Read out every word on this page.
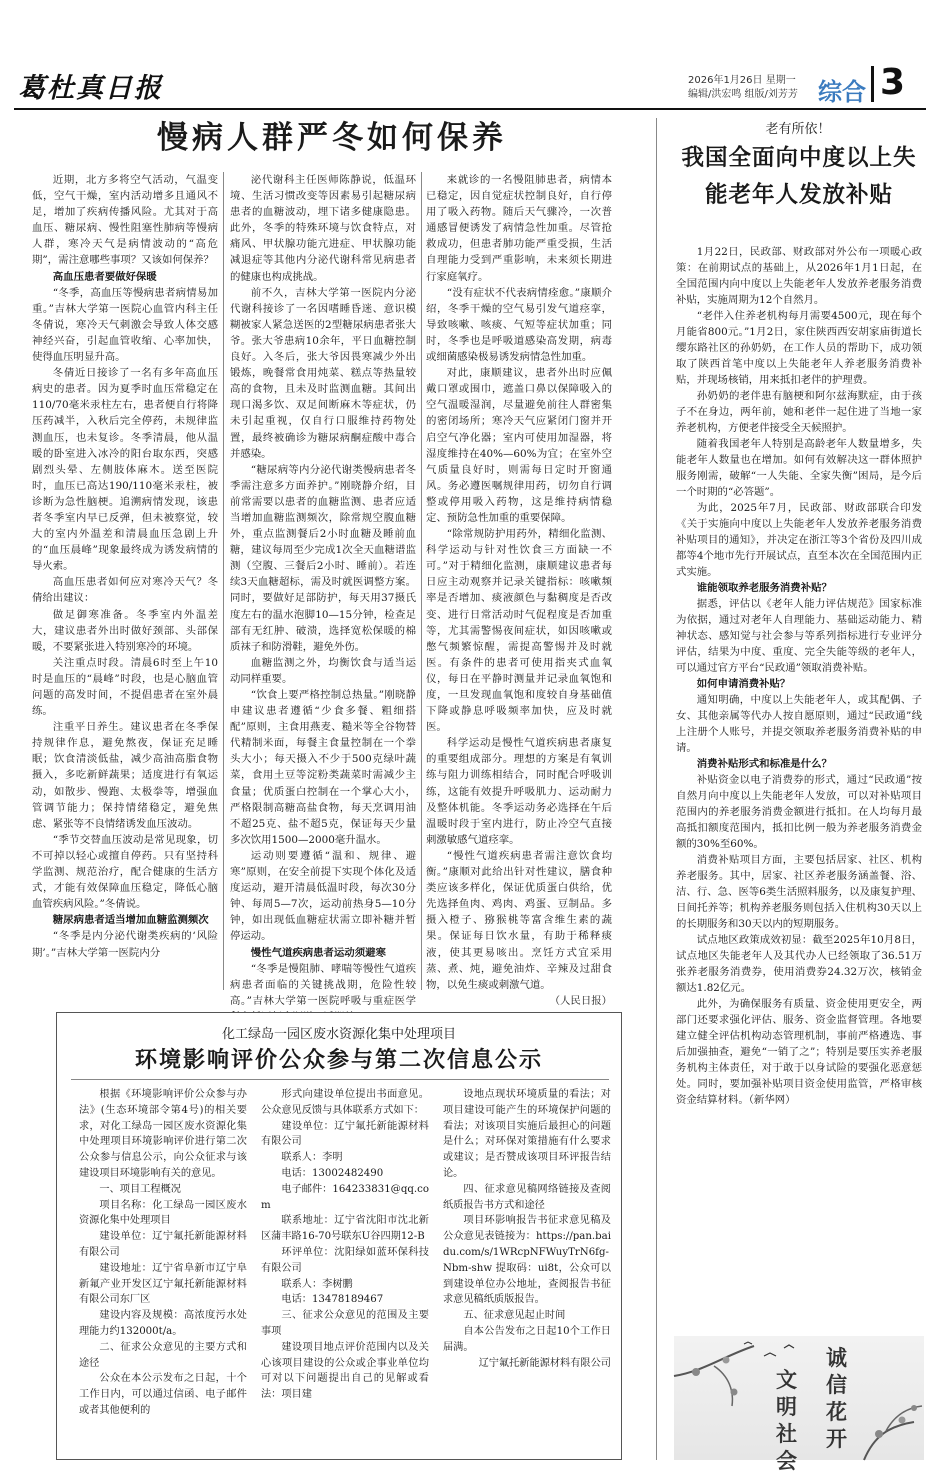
葛杜真日报	2026年1月26日 星期一
编辑/洪宏鸣 组版/刘芳芳 综合 3
慢病人群严冬如何保养

近期，北方多将空气活动，气温变低，空气干燥，室内活动增多且通风不足，增加了疾病传播风险。尤其对于高血压、糖尿病、慢性阻塞性肺病等慢病人群，寒冷天气是病情波动的“高危期”，需注意哪些事项？又该如何保养？

高血压患者要做好保暖

“冬季，高血压等慢病患者病情易加重。”吉林大学第一医院心血管内科主任冬倩说，寒冷天气刺激会导致人体交感神经兴奋，引起血管收缩、心率加快，使得血压明显升高。

冬倩近日接诊了一名有多年高血压病史的患者。因为夏季时血压常稳定在110/70毫米汞柱左右，患者便自行将降压药减半，入秋后完全停药，未规律监测血压，也未复诊。冬季清晨，他从温暖的卧室进入冰冷的阳台取东西，突感剧烈头晕、左侧肢体麻木。送至医院时，血压已高达190/110毫米汞柱，被诊断为急性脑梗。追溯病情发现，该患者冬季室内早已反弹，但未被察觉，较大的室内外温差和清晨血压急剧上升的“血压晨峰”现象最终成为诱发病情的导火索。

高血压患者如何应对寒冷天气？冬倩给出建议：

做足御寒准备。冬季室内外温差大，建议患者外出时做好颈部、头部保暖，不要紧张进入特别寒冷的环境。

关注重点时段。清晨6时至上午10时是血压的“晨峰”时段，也是心脑血管问题的高发时间，不提倡患者在室外晨练。

注重平日养生。建议患者在冬季保持规律作息，避免熬夜，保证充足睡眠；饮食清淡低盐，减少高油高脂食物摄入，多吃新鲜蔬果；适度进行有氧运动，如散步、慢跑、太极拳等，增强血管调节能力；保持情绪稳定，避免焦虑、紧张等不良情绪诱发血压波动。

“季节交替血压波动是常见现象，切不可掉以轻心或擅自停药。只有坚持科学监测、规范治疗，配合健康的生活方式，才能有效保障血压稳定，降低心脑血管疾病风险。”冬倩说。

糖尿病患者适当增加血糖监测频次

“冬季是内分泌代谢类疾病的‘风险期’。”吉林大学第一医院内分

泌代谢科主任医师陈静说，低温环境、生活习惯改变等因素易引起糖尿病患者的血糖波动，埋下诸多健康隐患。此外，冬季的特殊环境与饮食特点，对痛风、甲状腺功能亢进症、甲状腺功能减退症等其他内分泌代谢科常见病患者的健康也构成挑战。

前不久，吉林大学第一医院内分泌代谢科接诊了一名因嗜睡昏迷、意识模糊被家人紧急送医的2型糖尿病患者张大爷。张大爷患病10余年，平日血糖控制良好。入冬后，张大爷因畏寒减少外出锻炼，晚餐常食用炖菜、糕点等热量较高的食物，且未及时监测血糖。其间出现口渴多饮、双足间断麻木等症状，仍未引起重视，仅自行口服维持药物处置，最终被确诊为糖尿病酮症酸中毒合并感染。

“糖尿病等内分泌代谢类慢病患者冬季需注意多方面养护。”刚晓静介绍，目前常需要以患者的血糖监测、患者应适当增加血糖监测频次，除常规空腹血糖外，重点监测餐后2小时血糖及睡前血糖，建议每周至少完成1次全天血糖谱监测（空腹、三餐后2小时、睡前）。若连续3天血糖超标，需及时就医调整方案。同时，要做好足部防护，每天用37摄氏度左右的温水泡脚10—15分钟，检查足部有无红肿、破溃，选择宽松保暖的棉质袜子和防滑鞋，避免外伤。

血糖监测之外，均衡饮食与适当运动同样重要。

“饮食上要严格控制总热量。”刚晓静申建议患者遵循“少食多餐、粗细搭配”原则，主食用燕麦、糙米等全谷物替代精制米面，每餐主食量控制在一个拳头大小；每天摄入不少于500克绿叶蔬菜，食用土豆等淀粉类蔬菜时需减少主食量；优质蛋白控制在一个掌心大小，严格限制高糖高盐食物，每天烹调用油不超25克、盐不超5克，保证每天少量多次饮用1500—2000毫升温水。

运动则要遵循“温和、规律、避寒”原则，在安全前提下实现个体化及适度运动，避开清晨低温时段，每次30分钟、每周5—7次，运动前热身5—10分钟，如出现低血糖症状需立即补糖并暂停运动。

慢性气道疾病患者运动须避寒

“冬季是慢阻肺、哮喘等慢性气道疾病患者面临的关键挑战期，危险性较高。”吉林大学第一医院呼吸与重症医学

来就诊的一名慢阻肺患者，病情本已稳定，因自觉症状控制良好，自行停用了吸入药物。随后天气骤冷，一次普通感冒便诱发了病情急性加重。尽管抢救成功，但患者肺功能严重受损，生活自理能力受到严重影响，未来须长期进行家庭氧疗。

“没有症状不代表病情痊愈。”康顺介绍，冬季干燥的空气易引发气道痉挛，导致咳嗽、咳痰、气短等症状加重；同时，冬季也是呼吸道感染高发期，病毒或细菌感染极易诱发病情急性加重。

对此，康顺建议，患者外出时应佩戴口罩或围巾，遮盖口鼻以保障吸入的空气温暖湿润，尽量避免前往人群密集的密闭场所；寒冷天气应紧闭门窗并开启空气净化器；室内可使用加湿器，将湿度维持在40%—60%为宜；在室外空气质量良好时，则需每日定时开窗通风。务必遵医嘱规律用药，切勿自行调整或停用吸入药物，这是维持病情稳定、预防急性加重的重要保障。

“除常规防护用药外，精细化监测、科学运动与针对性饮食三方面缺一不可。”对于精细化监测，康顺建议患者每日应主动观察并记录关键指标：咳嗽频率是否增加、痰液颜色与黏稠度是否改变、进行日常活动时气促程度是否加重等，尤其需警惕夜间症状，如因咳嗽或憋气频繁惊醒，需提高警惕并及时就医。有条件的患者可使用指夹式血氧仪，每日在平静时测量并记录血氧饱和度，一旦发现血氧饱和度较自身基础值下降或静息呼吸频率加快，应及时就医。

科学运动是慢性气道疾病患者康复的重要组成部分。理想的方案是有氧训练与阻力训练相结合，同时配合呼吸训练，这能有效提升呼吸肌力、运动耐力及整体机能。冬季运动务必选择在午后温暖时段于室内进行，防止冷空气直接刺激敏感气道痉挛。

“慢性气道疾病患者需注意饮食均衡。”康顺对此给出针对性建议，膳食种类应该多样化，保证优质蛋白供给，优先选择鱼肉、鸡肉、鸡蛋、豆制品。多摄入橙子、猕猴桃等富含维生素的蔬果。保证每日饮水量，有助于稀释痰液，使其更易咳出。烹饪方式宜采用蒸、煮、炖，避免油炸、辛辣及过甜食物，以免生痰或刺激气道。

（人民日报）

老有所依！
我国全面向中度以上失能老年人发放补贴

1月22日，民政部、财政部对外公布一项暖心政策：在前期试点的基础上，从2026年1月1日起，在全国范围内向中度以上失能老年人发放养老服务消费补贴，实施周期为12个自然月。

“老伴入住养老机构每月需要4500元，现在每个月能省800元。”1月2日，家住陕西西安胡家庙街道长缨东路社区的孙奶奶，在工作人员的帮助下，成功领取了陕西首笔中度以上失能老年人养老服务消费补贴，并现场核销，用来抵扣老伴的护理费。

孙奶奶的老伴患有脑梗和阿尔兹海默症，由于孩子不在身边，两年前，她和老伴一起住进了当地一家养老机构，方便老伴接受全天候照护。

随着我国老年人特别是高龄老年人数量增多，失能老年人数量也在增加。如何有效解决这一群体照护服务刚需，破解“一人失能、全家失衡”困局，是今后一个时期的“必答题”。

为此，2025年7月，民政部、财政部联合印发《关于实施向中度以上失能老年人发放养老服务消费补贴项目的通知》，并决定在浙江等3个省份及四川成都等4个地市先行开展试点，直至本次在全国范围内正式实施。

谁能领取养老服务消费补贴？

据悉，评估以《老年人能力评估规范》国家标准为依据，通过对老年人自理能力、基础运动能力、精神状态、感知觉与社会参与等系列指标进行专业评分评估，结果为中度、重度、完全失能等级的老年人，可以通过官方平台“民政通”领取消费补贴。

如何申请消费补贴？

通知明确，中度以上失能老年人，或其配偶、子女、其他亲属等代办人按自愿原则，通过“民政通”线上注册个人账号，并提交领取养老服务消费补贴的申请。

消费补贴形式和标准是什么？

补贴资金以电子消费券的形式，通过“民政通”按自然月向中度以上失能老年人发放，可以对补贴项目范围内的养老服务消费金额进行抵扣。在人均每月最高抵扣额度范围内，抵扣比例一般为养老服务消费金额的30%至60%。

消费补贴项目方面，主要包括居家、社区、机构养老服务。其中，居家、社区养老服务涵盖餐、浴、洁、行、急、医等6类生活照料服务，以及康复护理、日间托养等；机构养老服务则包括入住机构30天以上的长期服务和30天以内的短期服务。

试点地区政策成效初显：截至2025年10月8日，试点地区失能老年人及其代办人已经领取了36.51万张养老服务消费券，使用消费券24.32万次，核销金额达1.82亿元。

此外，为确保服务有质量、资金使用更安全，两部门还要求强化评估、服务、资金监督管理。各地要建立健全评估机构动态管理机制，事前严格遴选、事后加强抽查，避免“一销了之”；特别是要压实养老服务机构主体责任，对于敢于以身试险的要强化恶意惩处。同时，要加强补贴项目资金使用监管，严格审核资金结算材料。（新华网）

化工绿岛一园区废水资源化集中处理项目
环境影响评价公众参与第二次信息公示

根据《环境影响评价公众参与办法》(生态环境部令第4号)的相关要求，对化工绿岛一园区废水资源化集中处理项目环境影响评价进行第二次公众参与信息公示，向公众征求与该建设项目环境影响有关的意见。

一、项目工程概况

项目名称：化工绿岛一园区废水资源化集中处理项目

建设单位：辽宁氟托新能源材料有限公司

建设地址：辽宁省阜新市辽宁阜新氟产业开发区辽宁氟托新能源材料有限公司东厂区

建设内容及规模：高浓度污水处理能力约132000t/a。

二、征求公众意见的主要方式和途径

公众在本公示发布之日起，十个工作日内，可以通过信函、电子邮件或者其他便利的

形式向建设单位提出书面意见。公众意见反馈与具体联系方式如下：

建设单位：辽宁氟托新能源材料有限公司

联系人：李明

电话：13002482490

电子邮件：164233831@qq.com

联系地址：辽宁省沈阳市沈北新区蒲丰路16-70号联东U谷四期12-B

环评单位：沈阳绿如蓝环保科技有限公司

联系人：李树鹏

电话：13478189467

三、征求公众意见的范围及主要事项

建设项目地点评价范围内以及关心该项目建设的公众或企事业单位均可对以下问题提出自己的见解或看法：项目建

设地点现状环境质量的看法；对项目建设可能产生的环境保护问题的看法；对该项目实施后最担心的问题是什么；对环保对策措施有什么要求或建议；是否赞成该项目环评报告结论。

四、征求意见稿网络链接及查阅纸质报告书方式和途径

项目环影响报告书征求意见稿及公众意见表链接为：https://pan.baidu.com/s/1WRcpNFWuyTrN6fg-Nbm-shw 提取码：ui8t，公众可以到建设单位办公地址，查阅报告书征求意见稿纸质版报告。

五、征求意见起止时间

自本公告发布之日起10个工作日届满。

辽宁氟托新能源材料有限公司

文
明
社
会
诚
信
花
开
